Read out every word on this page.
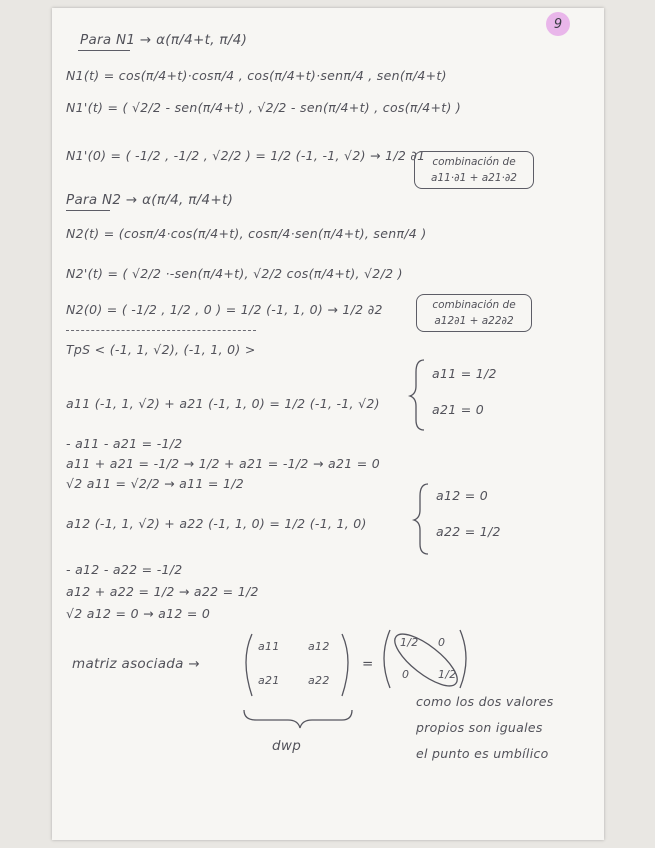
9
Para N1 → α(π/4+t, π/4)
N1(t) = cos(π/4+t)·cosπ/4 , cos(π/4+t)·senπ/4 , sen(π/4+t)
N1'(t) = ( √2/2 - sen(π/4+t) , √2/2 - sen(π/4+t) , cos(π/4+t) )
N1'(0) = ( -1/2 , -1/2 , √2/2 ) = 1/2 (-1, -1, √2) → 1/2 ∂1 combinación de
a11·∂1 + a21·∂2
Para N2 → α(π/4, π/4+t)
N2(t) = (cosπ/4·cos(π/4+t), cosπ/4·sen(π/4+t), senπ/4 )
N2'(t) = ( √2/2 ·-sen(π/4+t), √2/2 cos(π/4+t), √2/2 )
N2(0) = ( -1/2 , 1/2 , 0 ) = 1/2 (-1, 1, 0) → 1/2 ∂2	combinación de
a12∂1 + a22∂2
TpS < (-1, 1, √2), (-1, 1, 0) >
a11 (-1, 1, √2) + a21 (-1, 1, 0) = 1/2 (-1, -1, √2)
a11 = 1/2
a21 = 0
- a11 - a21 = -1/2
a11 + a21 = -1/2 → 1/2 + a21 = -1/2 → a21 = 0
√2 a11 = √2/2 → a11 = 1/2
a12 (-1, 1, √2) + a22 (-1, 1, 0) = 1/2 (-1, 1, 0)
a12 = 0
a22 = 1/2
- a12 - a22 = -1/2
a12 + a22 = 1/2 → a22 = 1/2
√2 a12 = 0 → a12 = 0
matriz asociada →
a11	a12
a21	a22
=
1/2 0
0	1/2
dwp
como los dos valores
propios son iguales
el punto es umbílico
